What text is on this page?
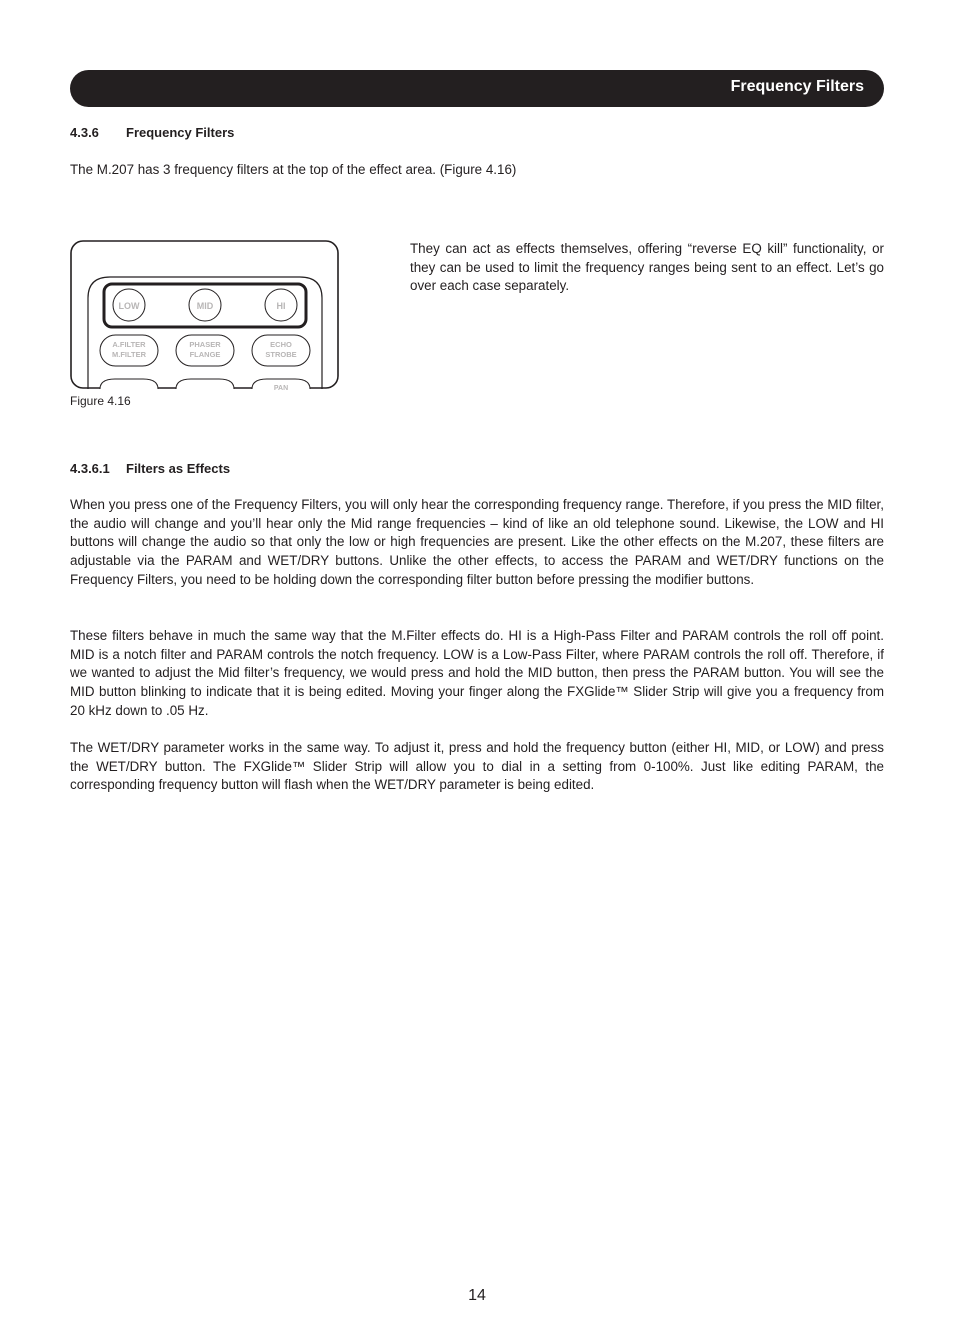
Frequency Filters
4.3.6 Frequency Filters

The M.207 has 3 frequency filters at the top of the effect area. (Figure 4.16)

LOW	MID	HI
A.FILTER
M.FILTER
PHASER
FLANGE
ECHO
STROBE
PAN
Figure 4.16

They can act as effects themselves, offering “reverse EQ kill” functionality, or they can be used to limit the frequency ranges being sent to an effect. Let’s go over each case separately.

4.3.6.1 Filters as Effects

When you press one of the Frequency Filters, you will only hear the corresponding frequency range. Therefore, if you press the MID filter, the audio will change and you’ll hear only the Mid range frequencies – kind of like an old telephone sound. Likewise, the LOW and HI buttons will change the audio so that only the low or high frequencies are present. Like the other effects on the M.207, these filters are adjustable via the PARAM and WET/DRY buttons. Unlike the other effects, to access the PARAM and WET/DRY functions on the Frequency Filters, you need to be holding down the corresponding filter button before pressing the modifier buttons.

These filters behave in much the same way that the M.Filter effects do. HI is a High-Pass Filter and PARAM controls the roll off point. MID is a notch filter and PARAM controls the notch frequency. LOW is a Low-Pass Filter, where PARAM controls the roll off. Therefore, if we wanted to adjust the Mid filter’s frequency, we would press and hold the MID button, then press the PARAM button. You will see the MID button blinking to indicate that it is being edited. Moving your finger along the FXGlide™ Slider Strip will give you a frequency from 20 kHz down to .05 Hz.

The WET/DRY parameter works in the same way. To adjust it, press and hold the frequency button (either HI, MID, or LOW) and press the WET/DRY button. The FXGlide™ Slider Strip will allow you to dial in a setting from 0-100%. Just like editing PARAM, the corresponding frequency button will flash when the WET/DRY parameter is being edited.

14
